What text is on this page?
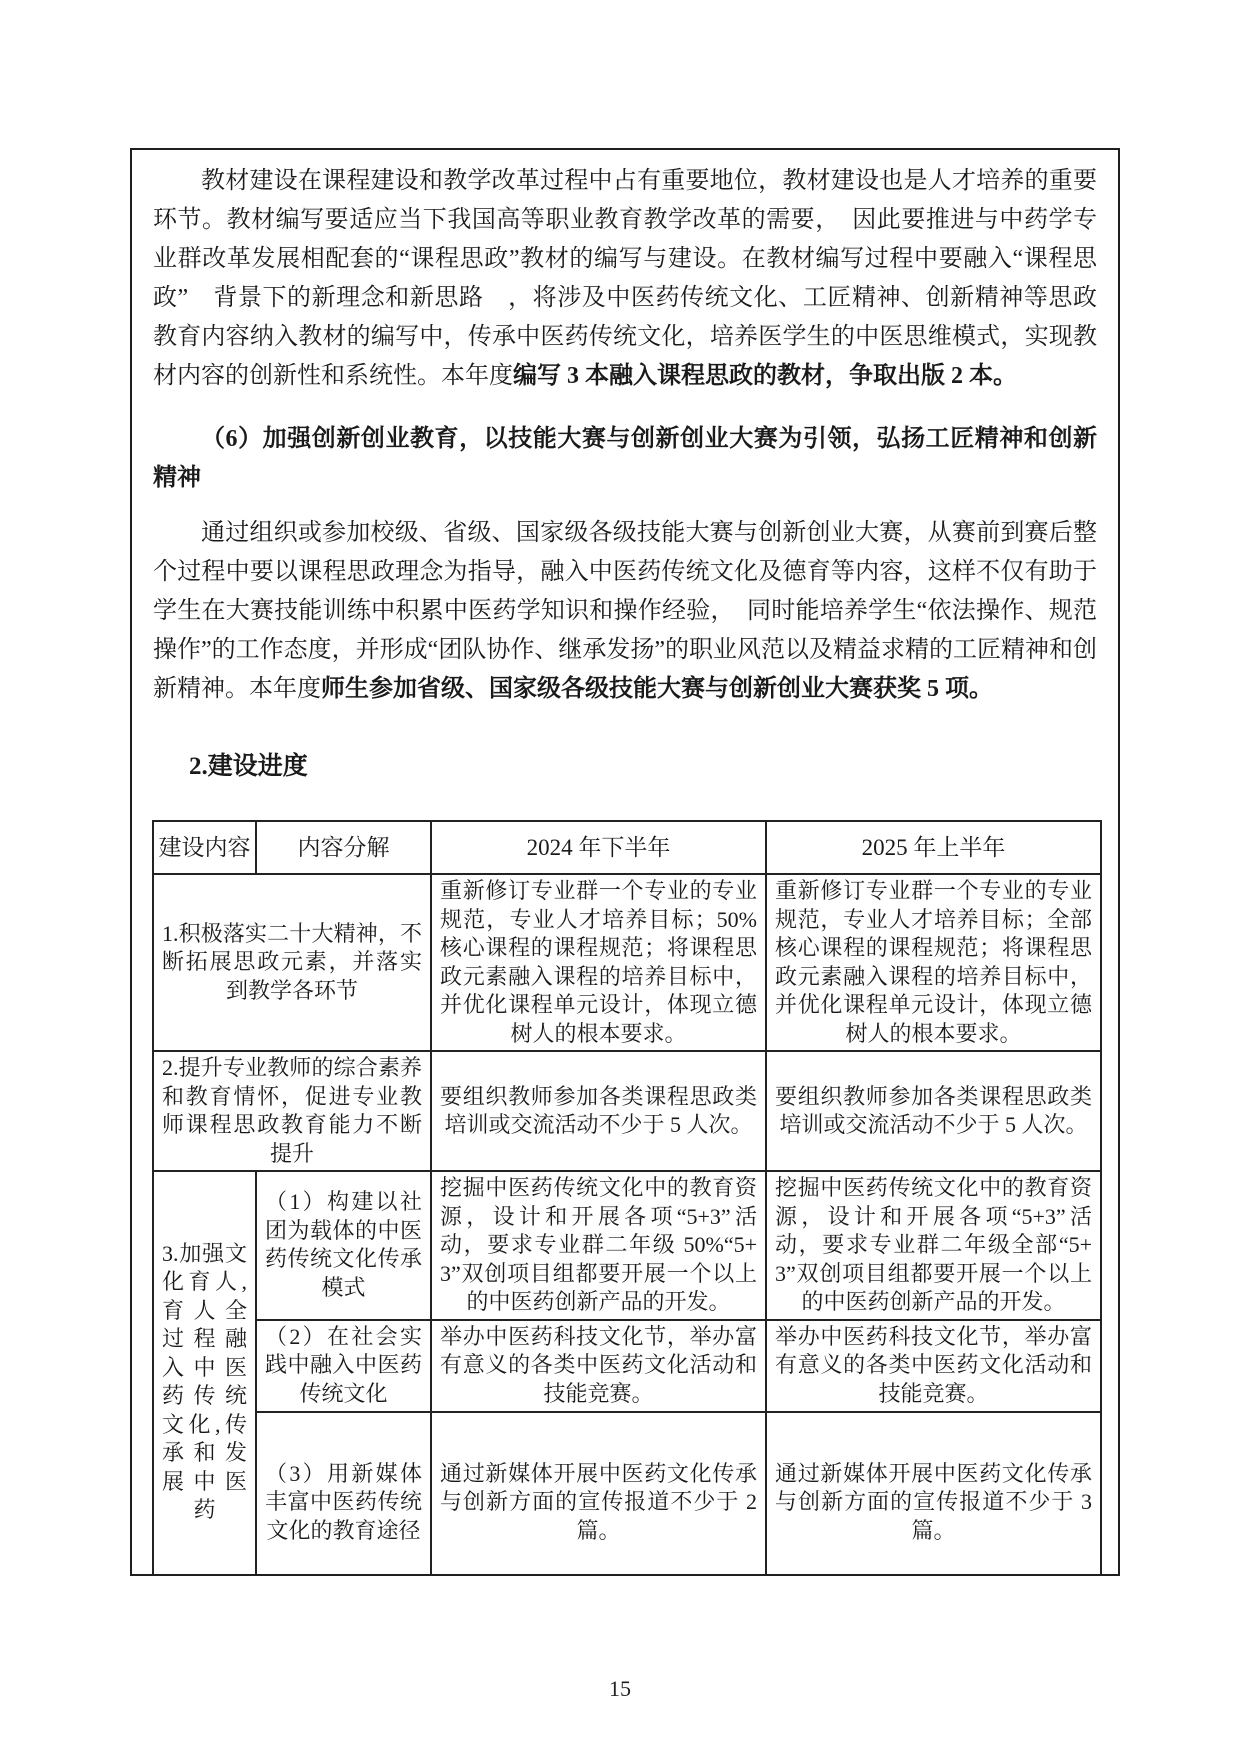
教材建设在课程建设和教学改革过程中占有重要地位，教材建设也是人才培养的重要环节。教材编写要适应当下我国高等职业教育教学改革的需要，　因此要推进与中药学专业群改革发展相配套的“课程思政”教材的编写与建设。在教材编写过程中要融入“课程思政”　背景下的新理念和新思路　，将涉及中医药传统文化、工匠精神、创新精神等思政教育内容纳入教材的编写中，传承中医药传统文化，培养医学生的中医思维模式，实现教材内容的创新性和系统性。本年度编写 3 本融入课程思政的教材，争取出版 2 本。

（6）加强创新创业教育，以技能大赛与创新创业大赛为引领，弘扬工匠精神和创新精神

通过组织或参加校级、省级、国家级各级技能大赛与创新创业大赛，从赛前到赛后整个过程中要以课程思政理念为指导，融入中医药传统文化及德育等内容，这样不仅有助于学生在大赛技能训练中积累中医药学知识和操作经验，　同时能培养学生“依法操作、规范操作”的工作态度，并形成“团队协作、继承发扬”的职业风范以及精益求精的工匠精神和创新精神。本年度师生参加省级、国家级各级技能大赛与创新创业大赛获奖 5 项。

2.建设进度
建设内容	内容分解	2024 年下半年	2025 年上半年
1.积极落实二十大精神，不断拓展思政元素，并落实到教学各环节		重新修订专业群一个专业的专业规范，专业人才培养目标；50%核心课程的课程规范；将课程思政元素融入课程的培养目标中，并优化课程单元设计，体现立德树人的根本要求。	重新修订专业群一个专业的专业规范，专业人才培养目标；全部核心课程的课程规范；将课程思政元素融入课程的培养目标中，并优化课程单元设计，体现立德树人的根本要求。
2.提升专业教师的综合素养和教育情怀，促进专业教师课程思政教育能力不断提升		要组织教师参加各类课程思政类培训或交流活动不少于 5 人次。	要组织教师参加各类课程思政类培训或交流活动不少于 5 人次。
3.加强文化育人,育人全过程融入中医药传统文化,传承和发展中医药	（1）构建以社团为载体的中医药传统文化传承模式	挖掘中医药传统文化中的教育资源，设计和开展各项“5+3”活动，要求专业群二年级 50%“5+3”双创项目组都要开展一个以上的中医药创新产品的开发。	挖掘中医药传统文化中的教育资源，设计和开展各项“5+3”活动，要求专业群二年级全部“5+3”双创项目组都要开展一个以上的中医药创新产品的开发。
	（2）在社会实践中融入中医药传统文化	举办中医药科技文化节，举办富有意义的各类中医药文化活动和技能竞赛。	举办中医药科技文化节，举办富有意义的各类中医药文化活动和技能竞赛。
	（3）用新媒体丰富中医药传统文化的教育途径	通过新媒体开展中医药文化传承与创新方面的宣传报道不少于 2 篇。	通过新媒体开展中医药文化传承与创新方面的宣传报道不少于 3 篇。
15
